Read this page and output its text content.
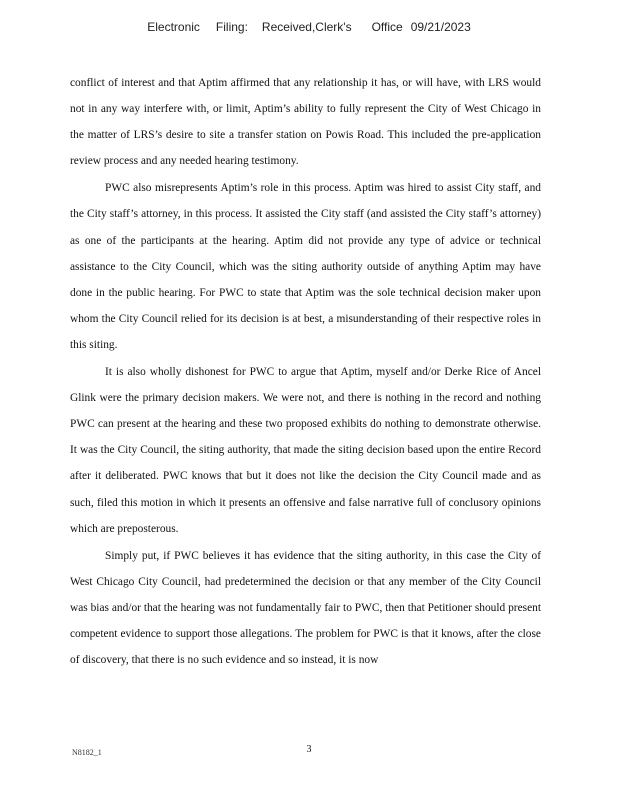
Electronic Filing: Received,Clerk's Office 09/21/2023

conflict of interest and that Aptim affirmed that any relationship it has, or will have, with LRS would not in any way interfere with, or limit, Aptim’s ability to fully represent the City of West Chicago in the matter of LRS’s desire to site a transfer station on Powis Road. This included the pre-application review process and any needed hearing testimony.

PWC also misrepresents Aptim’s role in this process. Aptim was hired to assist City staff, and the City staff’s attorney, in this process. It assisted the City staff (and assisted the City staff’s attorney) as one of the participants at the hearing. Aptim did not provide any type of advice or technical assistance to the City Council, which was the siting authority outside of anything Aptim may have done in the public hearing. For PWC to state that Aptim was the sole technical decision maker upon whom the City Council relied for its decision is at best, a misunderstanding of their respective roles in this siting.

It is also wholly dishonest for PWC to argue that Aptim, myself and/or Derke Rice of Ancel Glink were the primary decision makers. We were not, and there is nothing in the record and nothing PWC can present at the hearing and these two proposed exhibits do nothing to demonstrate otherwise. It was the City Council, the siting authority, that made the siting decision based upon the entire Record after it deliberated. PWC knows that but it does not like the decision the City Council made and as such, filed this motion in which it presents an offensive and false narrative full of conclusory opinions which are preposterous.

Simply put, if PWC believes it has evidence that the siting authority, in this case the City of West Chicago City Council, had predetermined the decision or that any member of the City Council was bias and/or that the hearing was not fundamentally fair to PWC, then that Petitioner should present competent evidence to support those allegations. The problem for PWC is that it knows, after the close of discovery, that there is no such evidence and so instead, it is now

N8182_1	3
